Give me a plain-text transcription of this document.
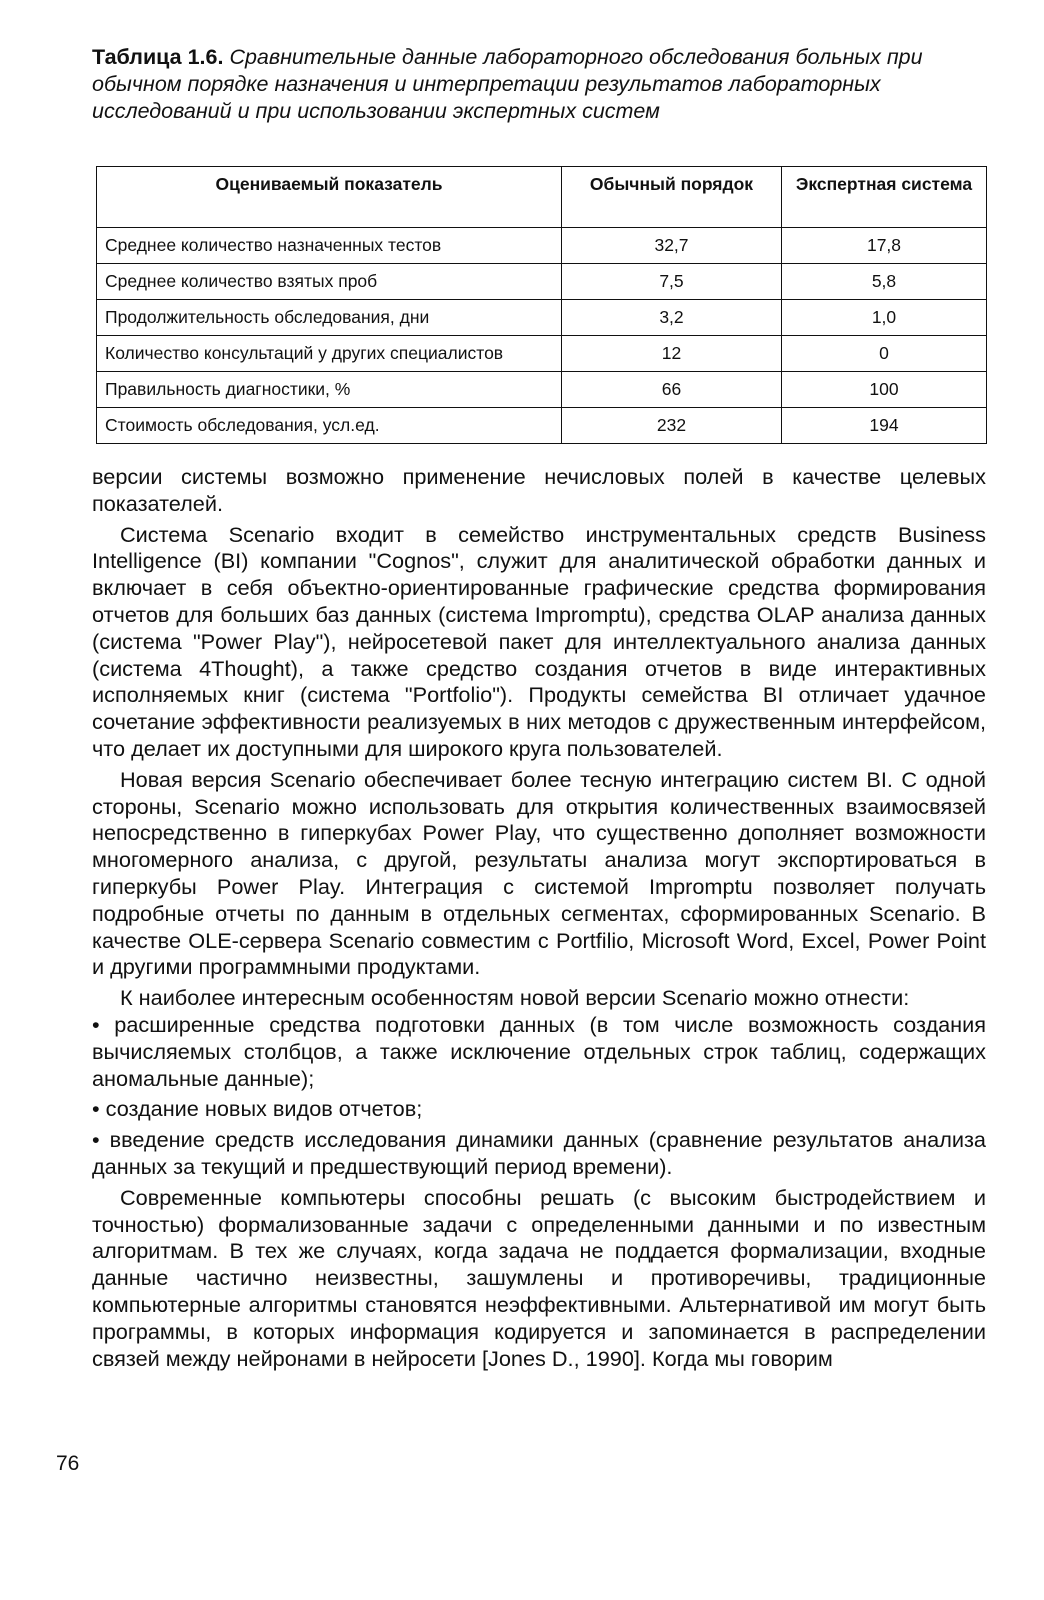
Таблица 1.6. Сравнительные данные лабораторного обследования больных при обычном порядке назначения и интерпретации результатов лабораторных исследований и при использовании экспертных систем

Оцениваемый показатель	Обычный порядок	Экспертная система
Среднее количество назначенных тестов	32,7	17,8
Среднее количество взятых проб	7,5	5,8
Продолжительность обследования, дни	3,2	1,0
Количество консультаций у других специалистов	12	0
Правильность диагностики, %	66	100
Стоимость обследования, усл.ед.	232	194

версии системы возможно применение нечисловых полей в качестве целевых показателей.

Система Scenario входит в семейство инструментальных средств Business Intelligence (BI) компании "Cognos", служит для аналитической обработки данных и включает в себя объектно-ориентированные графические средства формирования отчетов для больших баз данных (система Impromptu), средства OLAP анализа данных (система "Power Play"), нейросетевой пакет для интеллектуального анализа данных (система 4Thought), а также средство создания отчетов в виде интерактивных исполняемых книг (система "Portfolio"). Продукты семейства BI отличает удачное сочетание эффективности реализуемых в них методов с дружественным интерфейсом, что делает их доступными для широкого круга пользователей.

Новая версия Scenario обеспечивает более тесную интеграцию систем BI. С одной стороны, Scenario можно использовать для открытия количественных взаимосвязей непосредственно в гиперкубах Power Play, что существенно дополняет возможности многомерного анализа, с другой, результаты анализа могут экспортироваться в гиперкубы Power Play. Интеграция с системой Impromptu позволяет получать подробные отчеты по данным в отдельных сегментах, сформированных Scenario. В качестве OLE-сервера Scenario совместим с Portfilio, Microsoft Word, Excel, Power Point и другими программными продуктами.

К наиболее интересным особенностям новой версии Scenario можно отнести:

• расширенные средства подготовки данных (в том числе возможность создания вычисляемых столбцов, а также исключение отдельных строк таблиц, содержащих аномальные данные);

• создание новых видов отчетов;

• введение средств исследования динамики данных (сравнение результатов анализа данных за текущий и предшествующий период времени).

Современные компьютеры способны решать (с высоким быстродействием и точностью) формализованные задачи с определенными данными и по известным алгоритмам. В тех же случаях, когда задача не поддается формализации, входные данные частично неизвестны, зашумлены и противоречивы, традиционные компьютерные алгоритмы становятся неэффективными. Альтернативой им могут быть программы, в которых информация кодируется и запоминается в распределении связей между нейронами в нейросети [Jones D., 1990]. Когда мы говорим

76
